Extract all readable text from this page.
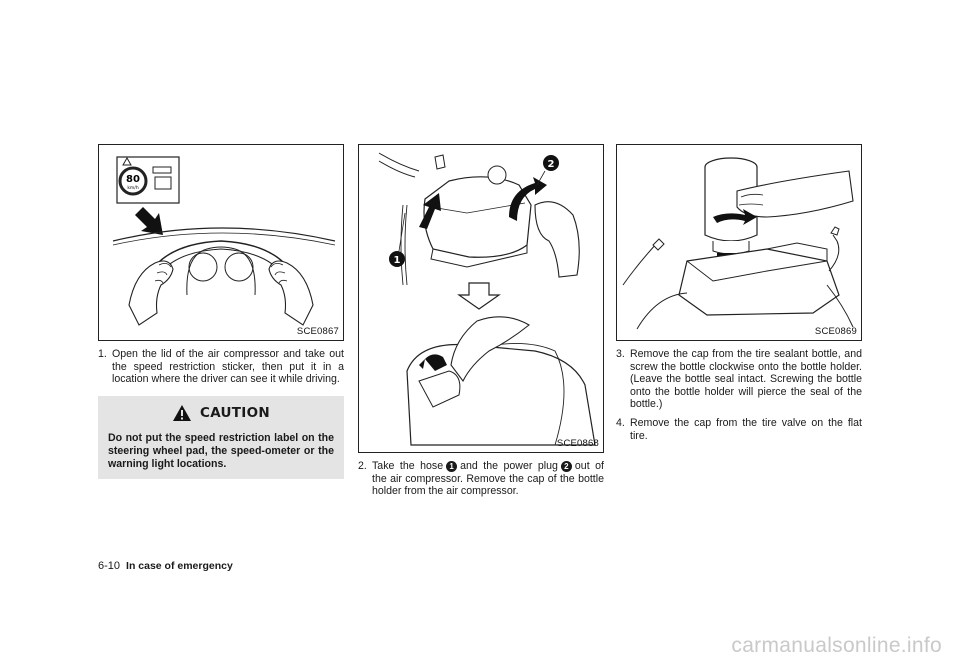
80
km/h
SCE0867

1. Open the lid of the air compressor and take out the speed restriction sticker, then put it in a location where the driver can see it while driving.

CAUTION
Do not put the speed restriction label on the steering wheel pad, the speed-ometer or the warning light locations.
1
2
SCE0868

2. Take the hose 1 and the power plug 2 out of the air compressor. Remove the cap of the bottle holder from the air compressor.

SCE0869

3. Remove the cap from the tire sealant bottle, and screw the bottle clockwise onto the bottle holder. (Leave the bottle seal intact. Screwing the bottle onto the bottle holder will pierce the seal of the bottle.)

4. Remove the cap from the tire valve on the flat tire.

6-10 In case of emergency
carmanualsonline.info
